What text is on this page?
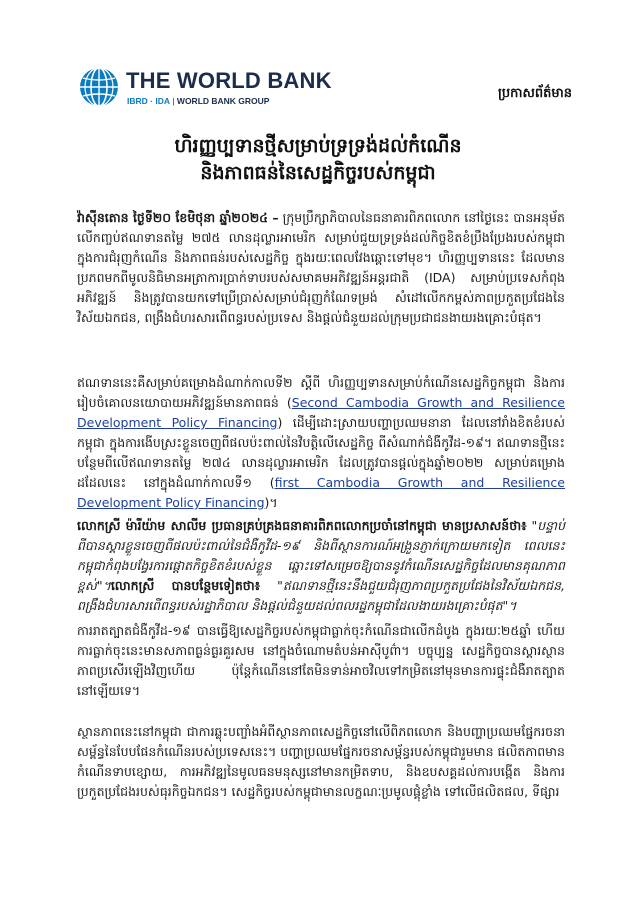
THE WORLD BANK
IBRD · IDA | WORLD BANK GROUP	ប្រកាសព័ត៌មាន
ហិរញ្ញប្បទានថ្មីសម្រាប់ទ្រទ្រង់ដល់កំណើន
និងភាពធន់នៃសេដ្ឋកិច្ចរបស់កម្ពុជា

វ៉ាស៊ីនតោន ថ្ងៃទី២០ ខែមិថុនា ឆ្នាំ២០២៤ – ក្រុមប្រឹក្សាភិបាលនៃធនាគារពិភពលោក នៅថ្ងៃនេះ បានអនុម័តលើកញ្ចប់ឥណទានតម្លៃ ២៧៥ លានដុល្លារអាមេរិក សម្រាប់ជួយទ្រទ្រង់ដល់កិច្ចខិតខំប្រឹងប្រែងរបស់កម្ពុជា ក្នុងការជំរុញកំណើន និងភាពធន់របស់សេដ្ឋកិច្ច ក្នុងរយៈពេលវែងឆ្ពោះទៅមុខ។ ហិរញ្ញប្បទាននេះ ដែលមានប្រភពមកពីមូលនិធិមានអត្រាការប្រាក់ទាបរបស់សមាគមអភិវឌ្ឍន៍អន្តរជាតិ (IDA) សម្រាប់ប្រទេសកំពុងអភិវឌ្ឍន៍ និងត្រូវបានយកទៅប្រើប្រាស់សម្រាប់ជំរុញកំណែទម្រង់ សំដៅលើកកម្ពស់ភាពប្រកួតប្រជែងនៃវិស័យឯកជន, ពង្រឹងជំហរសារពើពន្ធរបស់ប្រទេស និងផ្តល់ជំនួយដល់ក្រុមប្រជាជនងាយរងគ្រោះបំផុត។

ឥណទាននេះគឺសម្រាប់គម្រោងដំណាក់កាលទី២ ស្តីពី ហិរញ្ញប្បទានសម្រាប់កំណើនសេដ្ឋកិច្ចកម្ពុជា និងការរៀបចំគោលនយោបាយអភិវឌ្ឍន៍មានភាពធន់ (Second Cambodia Growth and Resilience Development Policy Financing) ដើម្បីដោះស្រាយបញ្ហាប្រឈមនានា ដែលនៅរាំងខិតខំរបស់កម្ពុជា ក្នុងការងើបស្រះខ្លួនចេញពីផលប៉ះពាល់នៃវិបត្តិលើសេដ្ឋកិច្ច ពីសំណាក់ជំងឺកូវីដ-១៩។ ឥណទានថ្មីនេះបន្ថែមពីលើឥណទានតម្លៃ ២៧៤ លានដុល្លារអាមេរិក ដែលត្រូវបានផ្តល់ក្នុងឆ្នាំ២០២២ សម្រាប់គម្រោងដដែលនេះ នៅក្នុងដំណាក់កាលទី១ (first Cambodia Growth and Resilience Development Policy Financing)។

លោកស្រី ម៉ារីយ៉ាម សាលីម ប្រធានគ្រប់គ្រងធនាគារពិភពលោកប្រចាំនៅកម្ពុជា មានប្រសាសន៍ថា៖ "បន្ទាប់ពីបានស្តារខ្លួនចេញពីផលប៉ះពាល់នៃជំងឺកូវីដ-១៩ និងពីស្ថានការណ៍អង្រួនភ្ញាក់ក្រោយមកទៀត ពេលនេះកម្ពុជាកំពុងបង្វែរការផ្តោតកិច្ចខិតខំរបស់ខ្លួន ឆ្ពោះទៅសម្រេចឱ្យបាននូវកំណើនសេដ្ឋកិច្ចដែលមានគុណភាពខ្ពស់"។លោកស្រី បានបន្ថែមទៀតថា៖ "ឥណទានថ្មីនេះនឹងជួយជំរុញភាពប្រកួតប្រជែងនៃវិស័យឯកជន, ពង្រឹងជំហរសារពើពន្ធរបស់រដ្ឋាភិបាល និងផ្តល់ជំនួយដល់ពលរដ្ឋកម្ពុជាដែលងាយរងគ្រោះបំផុត"។

ការរាតត្បាតជំងឺកូវីដ-១៩ បានធ្វើឱ្យសេដ្ឋកិច្ចរបស់កម្ពុជាធ្លាក់ចុះកំណើនជាលើកដំបូង ក្នុងរយៈ២៥ឆ្នាំ ហើយការធ្លាក់ចុះនេះមានសភាពធ្ងន់ធ្ងរគួរសម នៅក្នុងចំណោមតំបន់អាស៊ីបូព៌ា។ បច្ចុប្បន្ន សេដ្ឋកិច្ចបានស្តារស្ថានភាពប្រសើរឡើងវិញហើយ ប៉ុន្តែកំណើននៅតែមិនទាន់អាចវិលទៅកម្រិតនៅមុនមានការផ្ទុះជំងឺរាតត្បាត នៅឡើយទេ។

ស្ថានភាពនេះនៅកម្ពុជា ជាការឆ្លុះបញ្ចាំងអំពីស្ថានភាពសេដ្ឋកិច្ចនៅលើពិភពលោក និងបញ្ហាប្រឈមផ្នែករចនាសម្ព័ន្ធនៃបែបផែនកំណើនរបស់ប្រទេសនេះ។ បញ្ហាប្រឈមផ្នែករចនាសម្ព័ន្ធរបស់កម្ពុជារួមមាន ផលិតភាពមានកំណើនទាបខ្សោយ, ការអភិវឌ្ឍនៃមូលធនមនុស្សនៅមានកម្រិតទាប, និងឧបសគ្គដល់ការបង្កើត និងការប្រកួតប្រជែងរបស់ធុរកិច្ចឯកជន។ សេដ្ឋកិច្ចរបស់កម្ពុជាមានលក្ខណៈប្រមូលផ្តុំខ្លាំង ទៅលើផលិតផល, ទីផ្សារ
